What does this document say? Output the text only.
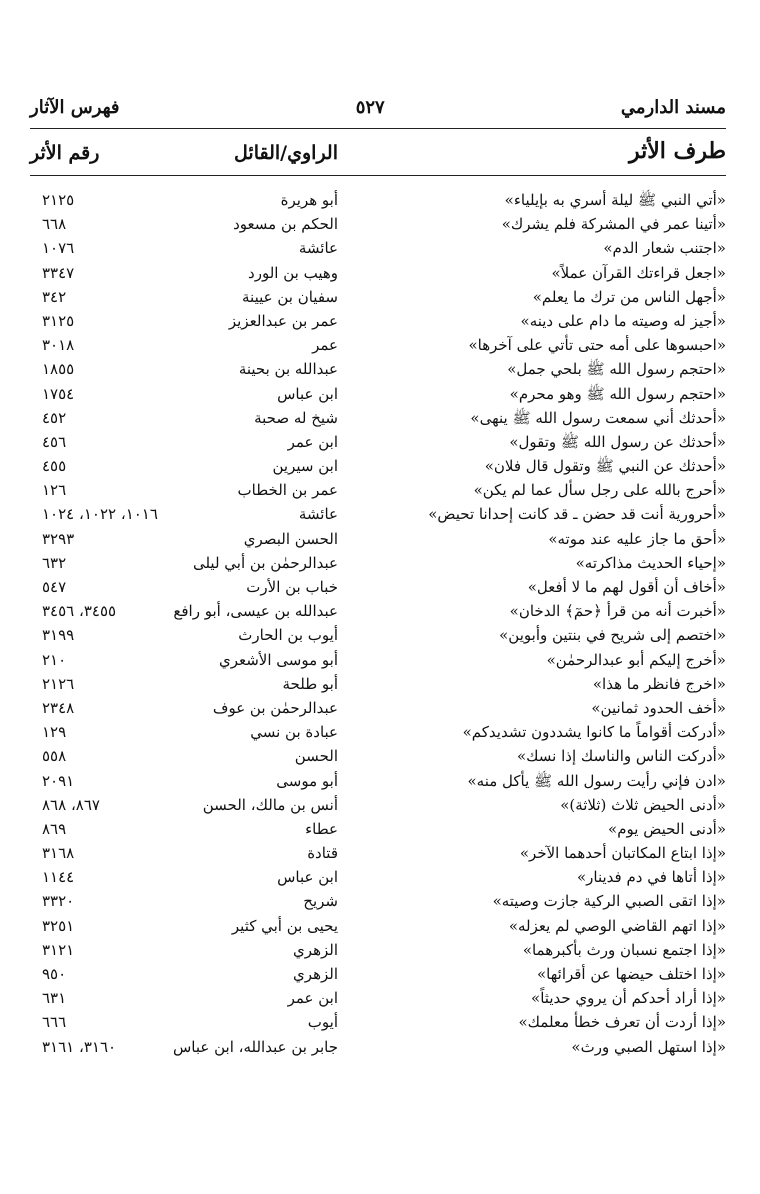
مسند الدارمي
٥٢٧
فهرس الآثار
طرف الأثر
الراوي/القائل
رقم الأثر
«أتي النبي ﷺ ليلة أسري به بإيلياء»
أبو هريرة
٢١٢٥
«أتينا عمر في المشركة فلم يشرك»
الحكم بن مسعود
٦٦٨
«اجتنب شعار الدم»
عائشة
١٠٧٦
«اجعل قراءتك القرآن عملاً»
وهيب بن الورد
٣٣٤٧
«أجهل الناس من ترك ما يعلم»
سفيان بن عيينة
٣٤٢
«أجيز له وصيته ما دام على دينه»
عمر بن عبدالعزيز
٣١٢٥
«احبسوها على أمه حتى تأتي على آخرها»
عمر
٣٠١٨
«احتجم رسول الله ﷺ بلحي جمل»
عبدالله بن بحينة
١٨٥٥
«احتجم رسول الله ﷺ وهو محرم»
ابن عباس
١٧٥٤
«أحدثك أني سمعت رسول الله ﷺ ينهى»
شيخ له صحبة
٤٥٢
«أحدثك عن رسول الله ﷺ وتقول»
ابن عمر
٤٥٦
«أحدثك عن النبي ﷺ وتقول قال فلان»
ابن سيرين
٤٥٥
«أحرج بالله على رجل سأل عما لم يكن»
عمر بن الخطاب
١٢٦
«أحرورية أنت قد حضن ـ قد كانت إحدانا تحيض»
عائشة
١٠١٦، ١٠٢٢، ١٠٢٤
«أحق ما جاز عليه عند موته»
الحسن البصري
٣٢٩٣
«إحياء الحديث مذاكرته»
عبدالرحمٰن بن أبي ليلى
٦٣٢
«أخاف أن أقول لهم ما لا أفعل»
خباب بن الأرت
٥٤٧
«أخبرت أنه من قرأ ﴿حمٓ﴾ الدخان»
عبدالله بن عيسى، أبو رافع
٣٤٥٥، ٣٤٥٦
«اختصم إلى شريح في بنتين وأبوين»
أيوب بن الحارث
٣١٩٩
«أخرج إليكم أبو عبدالرحمٰن»
أبو موسى الأشعري
٢١٠
«اخرج فانظر ما هذا»
أبو طلحة
٢١٢٦
«أخف الحدود ثمانين»
عبدالرحمٰن بن عوف
٢٣٤٨
«أدركت أقواماً ما كانوا يشددون تشديدكم»
عبادة بن نسي
١٢٩
«أدركت الناس والناسك إذا نسك»
الحسن
٥٥٨
«ادن فإني رأيت رسول الله ﷺ يأكل منه»
أبو موسى
٢٠٩١
«أدنى الحيض ثلاث (ثلاثة)»
أنس بن مالك، الحسن
٨٦٧، ٨٦٨
«أدنى الحيض يوم»
عطاء
٨٦٩
«إذا ابتاع المكاتبان أحدهما الآخر»
قتادة
٣١٦٨
«إذا أتاها في دم فدينار»
ابن عباس
١١٤٤
«إذا اتقى الصبي الركية جازت وصيته»
شريح
٣٣٢٠
«إذا اتهم القاضي الوصي لم يعزله»
يحيى بن أبي كثير
٣٢٥١
«إذا اجتمع نسبان ورث بأكبرهما»
الزهري
٣١٢١
«إذا اختلف حيضها عن أقرائها»
الزهري
٩٥٠
«إذا أراد أحدكم أن يروي حديثاً»
ابن عمر
٦٣١
«إذا أردت أن تعرف خطأ معلمك»
أيوب
٦٦٦
«إذا استهل الصبي ورث»
جابر بن عبدالله، ابن عباس
٣١٦٠، ٣١٦١
